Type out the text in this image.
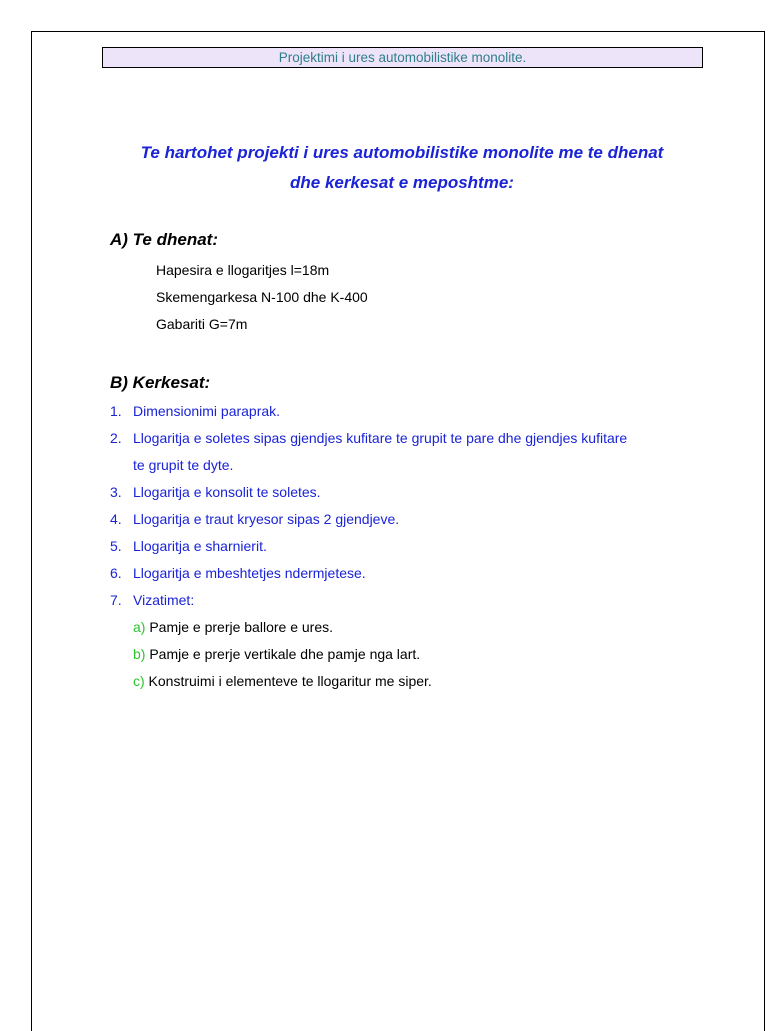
Projektimi i ures automobilistike monolite.
Te hartohet projekti i ures automobilistike monolite me te dhenat
dhe kerkesat e meposhtme:
A) Te dhenat:
Hapesira e llogaritjes l=18m
Skemengarkesa N-100 dhe K-400
Gabariti G=7m
B) Kerkesat:
1. Dimensionimi paraprak.
2. Llogaritja e soletes sipas gjendjes kufitare te grupit te pare dhe gjendjes kufitare
te grupit te dyte.
3. Llogaritja e konsolit te soletes.
4. Llogaritja e traut kryesor sipas 2 gjendjeve.
5. Llogaritja e sharnierit.
6. Llogaritja e mbeshtetjes ndermjetese.
7. Vizatimet:
a) Pamje e prerje ballore e ures.
b) Pamje e prerje vertikale dhe pamje nga lart.
c) Konstruimi i elementeve te llogaritur me siper.
